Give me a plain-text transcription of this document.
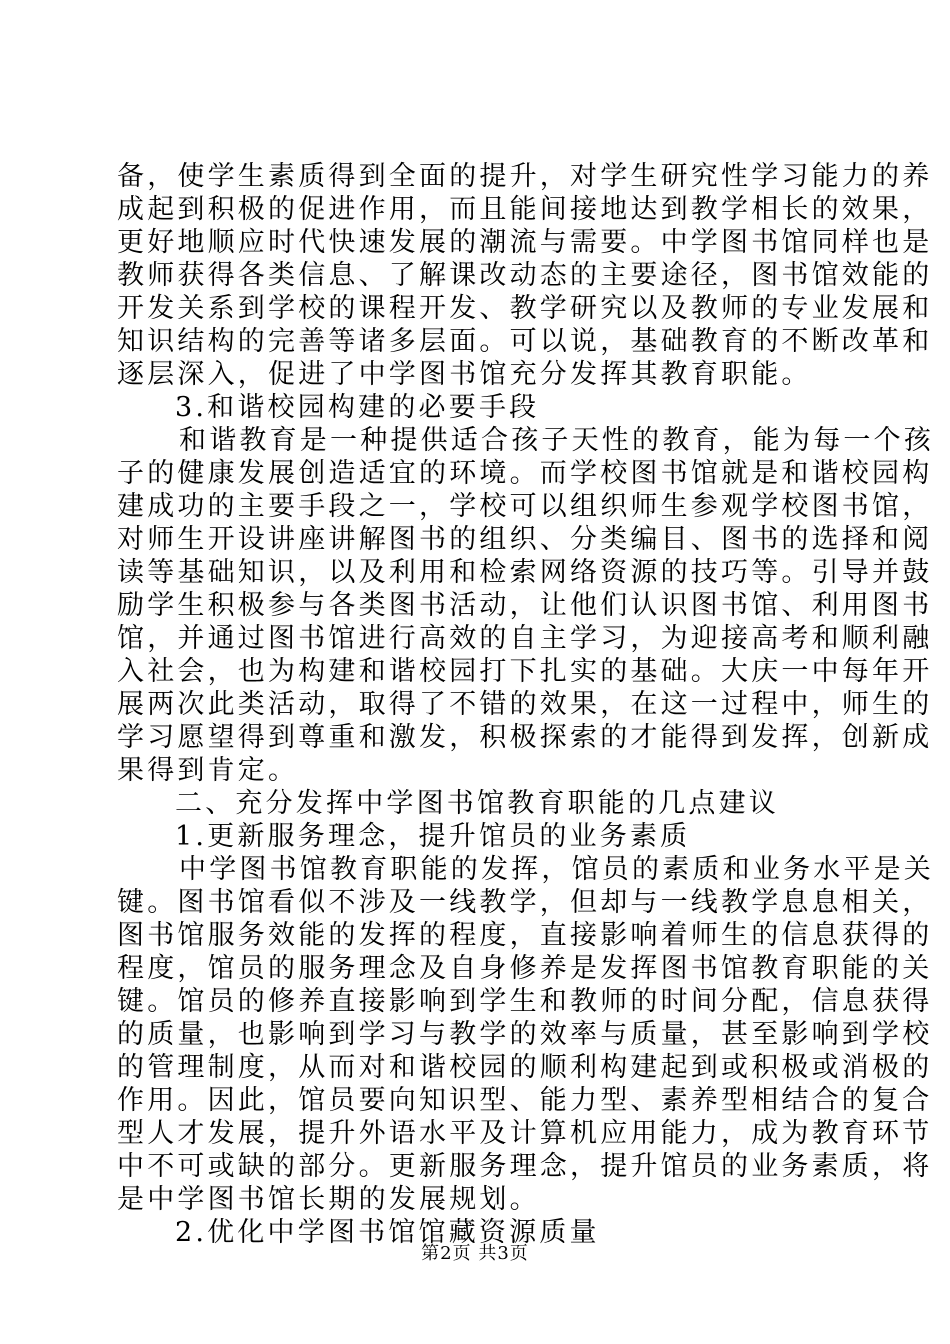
备，使学生素质得到全面的提升，对学生研究性学习能力的养
成起到积极的促进作用，而且能间接地达到教学相长的效果，
更好地顺应时代快速发展的潮流与需要。中学图书馆同样也是
教师获得各类信息、了解课改动态的主要途径，图书馆效能的
开发关系到学校的课程开发、教学研究以及教师的专业发展和
知识结构的完善等诸多层面。可以说，基础教育的不断改革和
逐层深入，促进了中学图书馆充分发挥其教育职能。
3.和谐校园构建的必要手段
和谐教育是一种提供适合孩子天性的教育，能为每一个孩
子的健康发展创造适宜的环境。而学校图书馆就是和谐校园构
建成功的主要手段之一，学校可以组织师生参观学校图书馆，
对师生开设讲座讲解图书的组织、分类编目、图书的选择和阅
读等基础知识，以及利用和检索网络资源的技巧等。引导并鼓
励学生积极参与各类图书活动，让他们认识图书馆、利用图书
馆，并通过图书馆进行高效的自主学习，为迎接高考和顺利融
入社会，也为构建和谐校园打下扎实的基础。大庆一中每年开
展两次此类活动，取得了不错的效果，在这一过程中，师生的
学习愿望得到尊重和激发，积极探索的才能得到发挥，创新成
果得到肯定。
二、充分发挥中学图书馆教育职能的几点建议
1.更新服务理念，提升馆员的业务素质
中学图书馆教育职能的发挥，馆员的素质和业务水平是关
键。图书馆看似不涉及一线教学，但却与一线教学息息相关，
图书馆服务效能的发挥的程度，直接影响着师生的信息获得的
程度，馆员的服务理念及自身修养是发挥图书馆教育职能的关
键。馆员的修养直接影响到学生和教师的时间分配，信息获得
的质量，也影响到学习与教学的效率与质量，甚至影响到学校
的管理制度，从而对和谐校园的顺利构建起到或积极或消极的
作用。因此，馆员要向知识型、能力型、素养型相结合的复合
型人才发展，提升外语水平及计算机应用能力，成为教育环节
中不可或缺的部分。更新服务理念，提升馆员的业务素质，将
是中学图书馆长期的发展规划。
2.优化中学图书馆馆藏资源质量
第2页 共3页
